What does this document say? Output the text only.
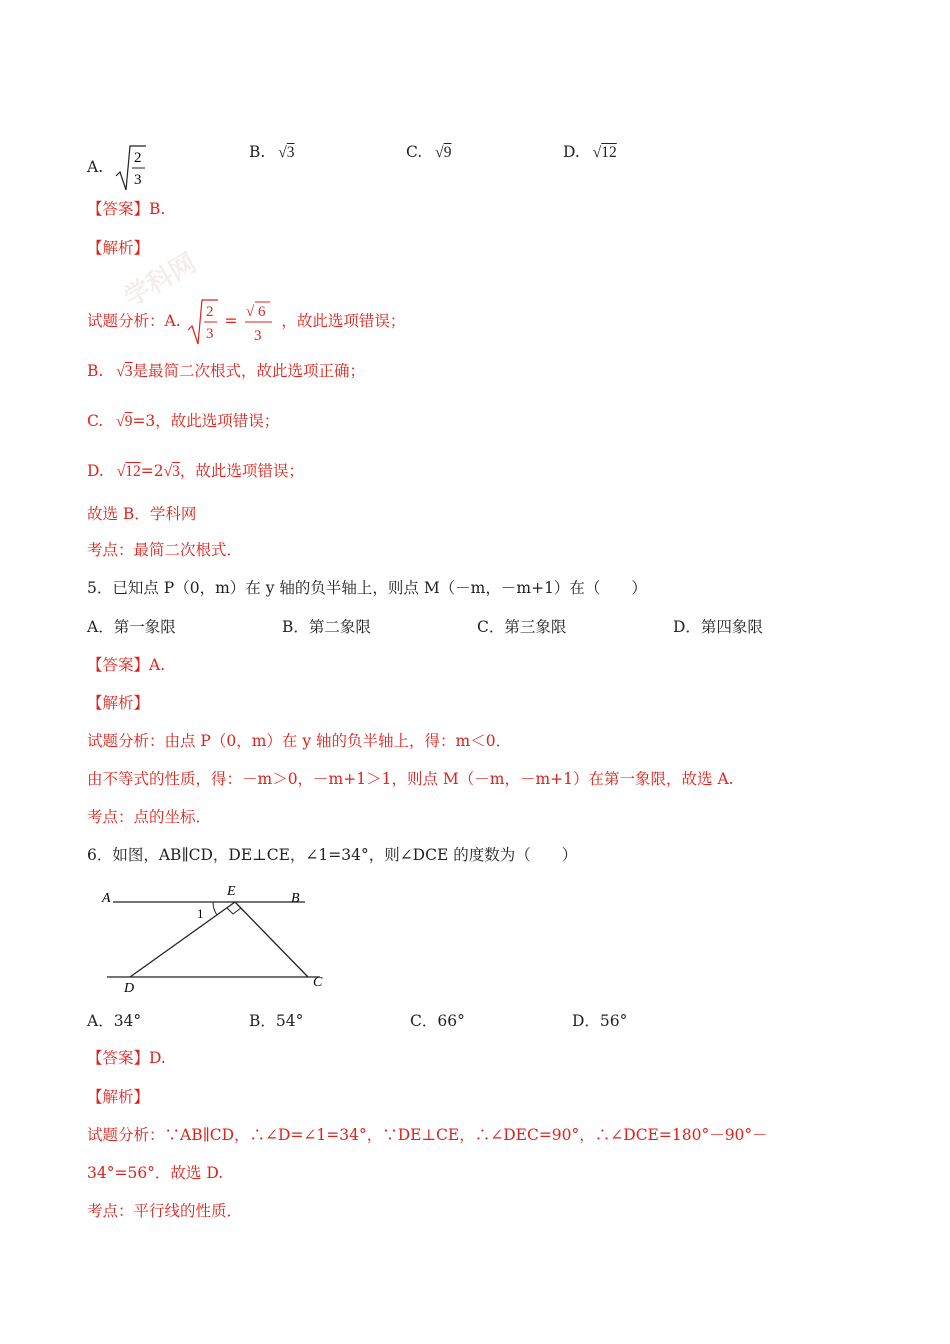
学科网
A. 2
3
B. √3	C. √9	D. √12
【答案】B.
【解析】
试题分析：A. 2
3
= √ 6
3
，故此选项错误；
B. √3是最简二次根式，故此选项正确；
C. √9=3，故此选项错误；
D. √12=2√3，故此选项错误；
故选 B．学科网
考点：最简二次根式．
5．已知点 P（0，m）在 y 轴的负半轴上，则点 M（－m，－m+1）在（　　）
A．第一象限	B．第二象限	C．第三象限	D．第四象限
【答案】A.
【解析】
试题分析：由点 P（0，m）在 y 轴的负半轴上，得：m＜0．
由不等式的性质，得：－m＞0，－m+1＞1，则点 M（－m，－m+1）在第一象限，故选 A.
考点：点的坐标．
6．如图，AB∥CD，DE⊥CE，∠1=34°，则∠DCE 的度数为（　　）
A	B
E
C
D
1
A．34°	B．54°	C．66°	D．56°
【答案】D.
【解析】
试题分析：∵AB∥CD，∴∠D=∠1=34°，∵DE⊥CE，∴∠DEC=90°，∴∠DCE=180°－90°－
34°=56°．故选 D.
考点：平行线的性质．
